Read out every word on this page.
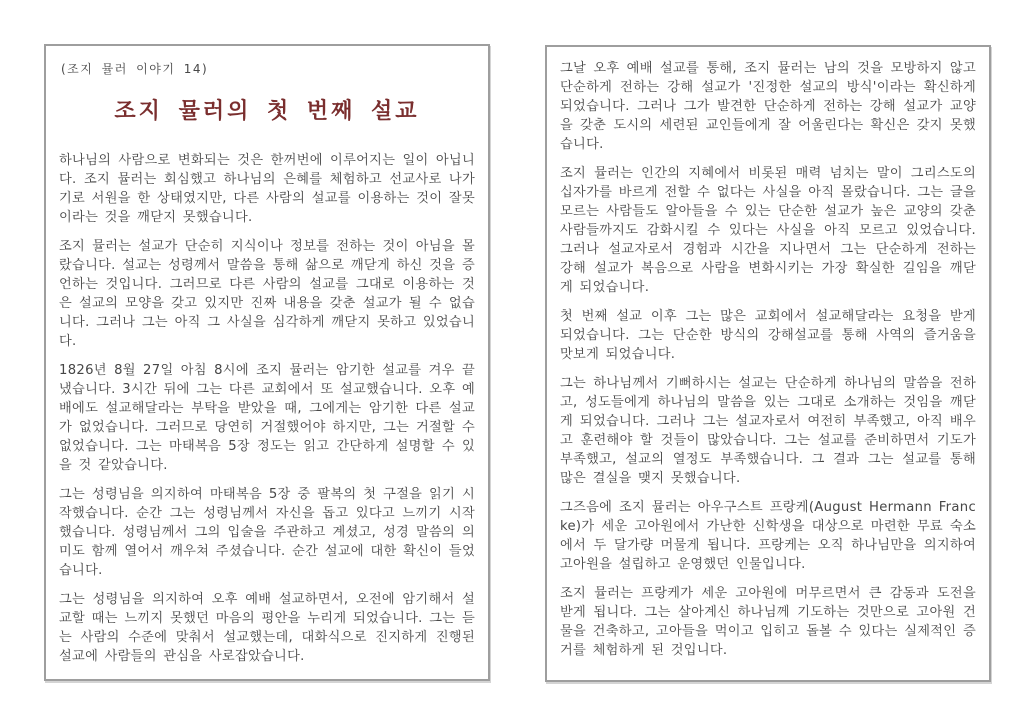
(조지 뮬러 이야기 14)
조지 뮬러의 첫 번째 설교

하나님의 사람으로 변화되는 것은 한꺼번에 이루어지는 일이 아닙니다. 조지 뮬러는 회심했고 하나님의 은혜를 체험하고 선교사로 나가기로 서원을 한 상태였지만, 다른 사람의 설교를 이용하는 것이 잘못이라는 것을 깨닫지 못했습니다.

조지 뮬러는 설교가 단순히 지식이나 정보를 전하는 것이 아님을 몰랐습니다. 설교는 성령께서 말씀을 통해 삶으로 깨닫게 하신 것을 증언하는 것입니다. 그러므로 다른 사람의 설교를 그대로 이용하는 것은 설교의 모양을 갖고 있지만 진짜 내용을 갖춘 설교가 될 수 없습니다. 그러나 그는 아직 그 사실을 심각하게 깨닫지 못하고 있었습니다.

1826년 8월 27일 아침 8시에 조지 뮬러는 암기한 설교를 겨우 끝냈습니다. 3시간 뒤에 그는 다른 교회에서 또 설교했습니다. 오후 예배에도 설교해달라는 부탁을 받았을 때, 그에게는 암기한 다른 설교가 없었습니다. 그러므로 당연히 거절했어야 하지만, 그는 거절할 수 없었습니다. 그는 마태복음 5장 정도는 읽고 간단하게 설명할 수 있을 것 같았습니다.

그는 성령님을 의지하여 마태복음 5장 중 팔복의 첫 구절을 읽기 시작했습니다. 순간 그는 성령님께서 자신을 돕고 있다고 느끼기 시작했습니다. 성령님께서 그의 입술을 주관하고 계셨고, 성경 말씀의 의미도 함께 열어서 깨우쳐 주셨습니다. 순간 설교에 대한 확신이 들었습니다.

그는 성령님을 의지하여 오후 예배 설교하면서, 오전에 암기해서 설교할 때는 느끼지 못했던 마음의 평안을 누리게 되었습니다. 그는 듣는 사람의 수준에 맞춰서 설교했는데, 대화식으로 진지하게 진행된 설교에 사람들의 관심을 사로잡았습니다.

그날 오후 예배 설교를 통해, 조지 뮬러는 남의 것을 모방하지 않고 단순하게 전하는 강해 설교가 '진정한 설교의 방식'이라는 확신하게 되었습니다. 그러나 그가 발견한 단순하게 전하는 강해 설교가 교양을 갖춘 도시의 세련된 교인들에게 잘 어울린다는 확신은 갖지 못했습니다.

조지 뮬러는 인간의 지혜에서 비롯된 매력 넘치는 말이 그리스도의 십자가를 바르게 전할 수 없다는 사실을 아직 몰랐습니다. 그는 글을 모르는 사람들도 알아들을 수 있는 단순한 설교가 높은 교양의 갖춘 사람들까지도 감화시킬 수 있다는 사실을 아직 모르고 있었습니다. 그러나 설교자로서 경험과 시간을 지나면서 그는 단순하게 전하는 강해 설교가 복음으로 사람을 변화시키는 가장 확실한 길임을 깨닫게 되었습니다.

첫 번째 설교 이후 그는 많은 교회에서 설교해달라는 요청을 받게 되었습니다. 그는 단순한 방식의 강해설교를 통해 사역의 즐거움을 맛보게 되었습니다.

그는 하나님께서 기뻐하시는 설교는 단순하게 하나님의 말씀을 전하고, 성도들에게 하나님의 말씀을 있는 그대로 소개하는 것임을 깨닫게 되었습니다. 그러나 그는 설교자로서 여전히 부족했고, 아직 배우고 훈련해야 할 것들이 많았습니다. 그는 설교를 준비하면서 기도가 부족했고, 설교의 열정도 부족했습니다. 그 결과 그는 설교를 통해 많은 결실을 맺지 못했습니다.

그즈음에 조지 뮬러는 아우구스트 프랑케(August Hermann Francke)가 세운 고아원에서 가난한 신학생을 대상으로 마련한 무료 숙소에서 두 달가량 머물게 됩니다. 프랑케는 오직 하나님만을 의지하여 고아원을 설립하고 운영했던 인물입니다.

조지 뮬러는 프랑케가 세운 고아원에 머무르면서 큰 감동과 도전을 받게 됩니다. 그는 살아계신 하나님께 기도하는 것만으로 고아원 건물을 건축하고, 고아들을 먹이고 입히고 돌볼 수 있다는 실제적인 증거를 체험하게 된 것입니다.
